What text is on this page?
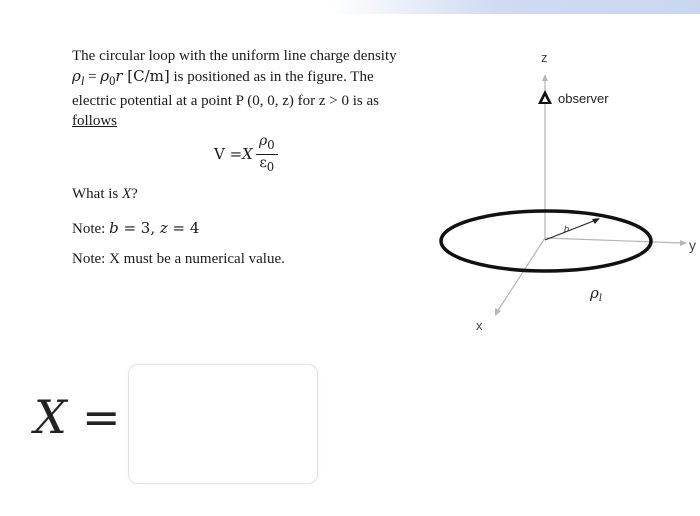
The circular loop with the uniform line charge density

$\rho_l = \rho_0r$ [C/m] is positioned as in the figure. The

electric potential at a point P (0, 0, z) for z > 0 is as

follows

V = X $\frac{\rho_0}{\varepsilon_0}$
What is X?
Note: b = 3, z = 4
Note: X must be a numerical value.
z
observer
y
x
b
$\rho_l$
X =
